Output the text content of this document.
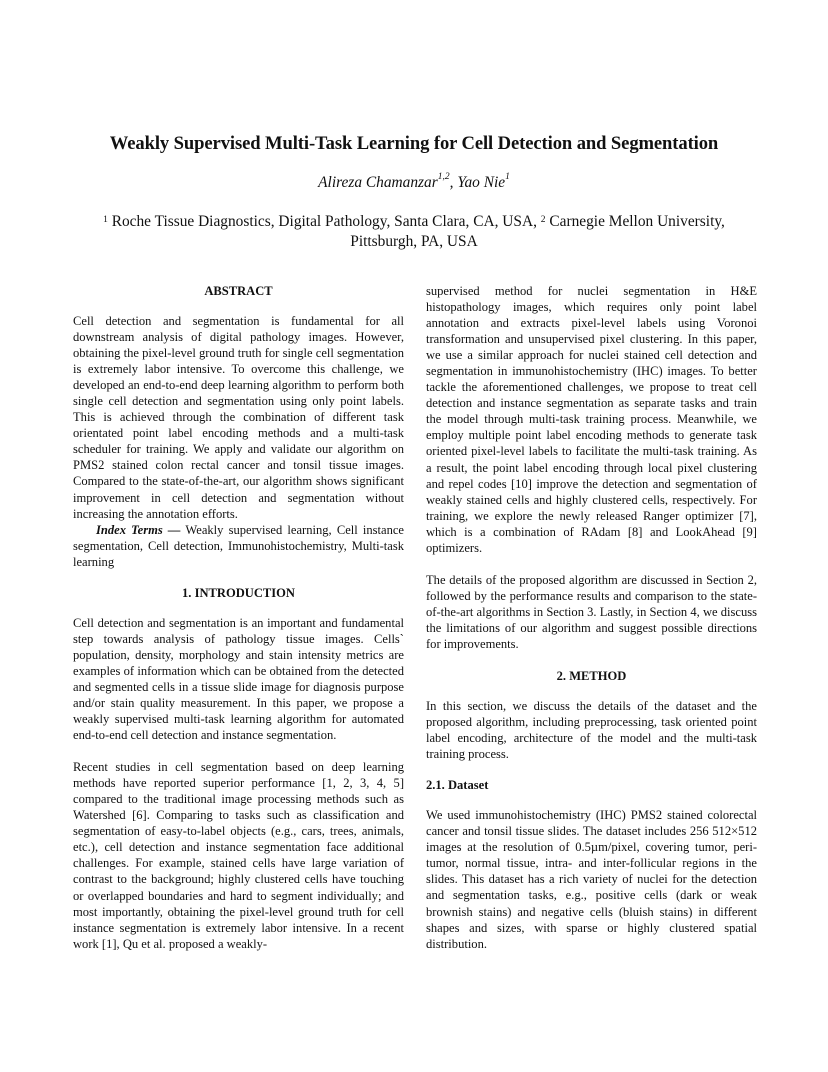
Weakly Supervised Multi-Task Learning for Cell Detection and Segmentation
Alireza Chamanzar$^{1,2}$, Yao Nie$^1$
$^1$ Roche Tissue Diagnostics, Digital Pathology, Santa Clara, CA, USA, $^2$ Carnegie Mellon University, Pittsburgh, PA, USA
ABSTRACT

Cell detection and segmentation is fundamental for all downstream analysis of digital pathology images. However, obtaining the pixel-level ground truth for single cell segmentation is extremely labor intensive. To overcome this challenge, we developed an end-to-end deep learning algorithm to perform both single cell detection and segmentation using only point labels. This is achieved through the combination of different task orientated point label encoding methods and a multi-task scheduler for training. We apply and validate our algorithm on PMS2 stained colon rectal cancer and tonsil tissue images. Compared to the state-of-the-art, our algorithm shows significant improvement in cell detection and segmentation without increasing the annotation efforts.

Index Terms — Weakly supervised learning, Cell instance segmentation, Cell detection, Immunohistochemistry, Multi-task learning

1. INTRODUCTION

Cell detection and segmentation is an important and fundamental step towards analysis of pathology tissue images. Cells` population, density, morphology and stain intensity metrics are examples of information which can be obtained from the detected and segmented cells in a tissue slide image for diagnosis purpose and/or stain quality measurement. In this paper, we propose a weakly supervised multi-task learning algorithm for automated end-to-end cell detection and instance segmentation.

Recent studies in cell segmentation based on deep learning methods have reported superior performance [1, 2, 3, 4, 5] compared to the traditional image processing methods such as Watershed [6]. Comparing to tasks such as classification and segmentation of easy-to-label objects (e.g., cars, trees, animals, etc.), cell detection and instance segmentation face additional challenges. For example, stained cells have large variation of contrast to the background; highly clustered cells have touching or overlapped boundaries and hard to segment individually; and most importantly, obtaining the pixel-level ground truth for cell instance segmentation is extremely labor intensive. In a recent work [1], Qu et al. proposed a weakly-

supervised method for nuclei segmentation in H&E histopathology images, which requires only point label annotation and extracts pixel-level labels using Voronoi transformation and unsupervised pixel clustering. In this paper, we use a similar approach for nuclei stained cell detection and segmentation in immunohistochemistry (IHC) images. To better tackle the aforementioned challenges, we propose to treat cell detection and instance segmentation as separate tasks and train the model through multi-task training process. Meanwhile, we employ multiple point label encoding methods to generate task oriented pixel-level labels to facilitate the multi-task training. As a result, the point label encoding through local pixel clustering and repel codes [10] improve the detection and segmentation of weakly stained cells and highly clustered cells, respectively. For training, we explore the newly released Ranger optimizer [7], which is a combination of RAdam [8] and LookAhead [9] optimizers.

The details of the proposed algorithm are discussed in Section 2, followed by the performance results and comparison to the state-of-the-art algorithms in Section 3. Lastly, in Section 4, we discuss the limitations of our algorithm and suggest possible directions for improvements.

2. METHOD

In this section, we discuss the details of the dataset and the proposed algorithm, including preprocessing, task oriented point label encoding, architecture of the model and the multi-task training process.

2.1. Dataset

We used immunohistochemistry (IHC) PMS2 stained colorectal cancer and tonsil tissue slides. The dataset includes 256 512×512 images at the resolution of 0.5µm/pixel, covering tumor, peri-tumor, normal tissue, intra- and inter-follicular regions in the slides. This dataset has a rich variety of nuclei for the detection and segmentation tasks, e.g., positive cells (dark or weak brownish stains) and negative cells (bluish stains) in different shapes and sizes, with sparse or highly clustered spatial distribution.
